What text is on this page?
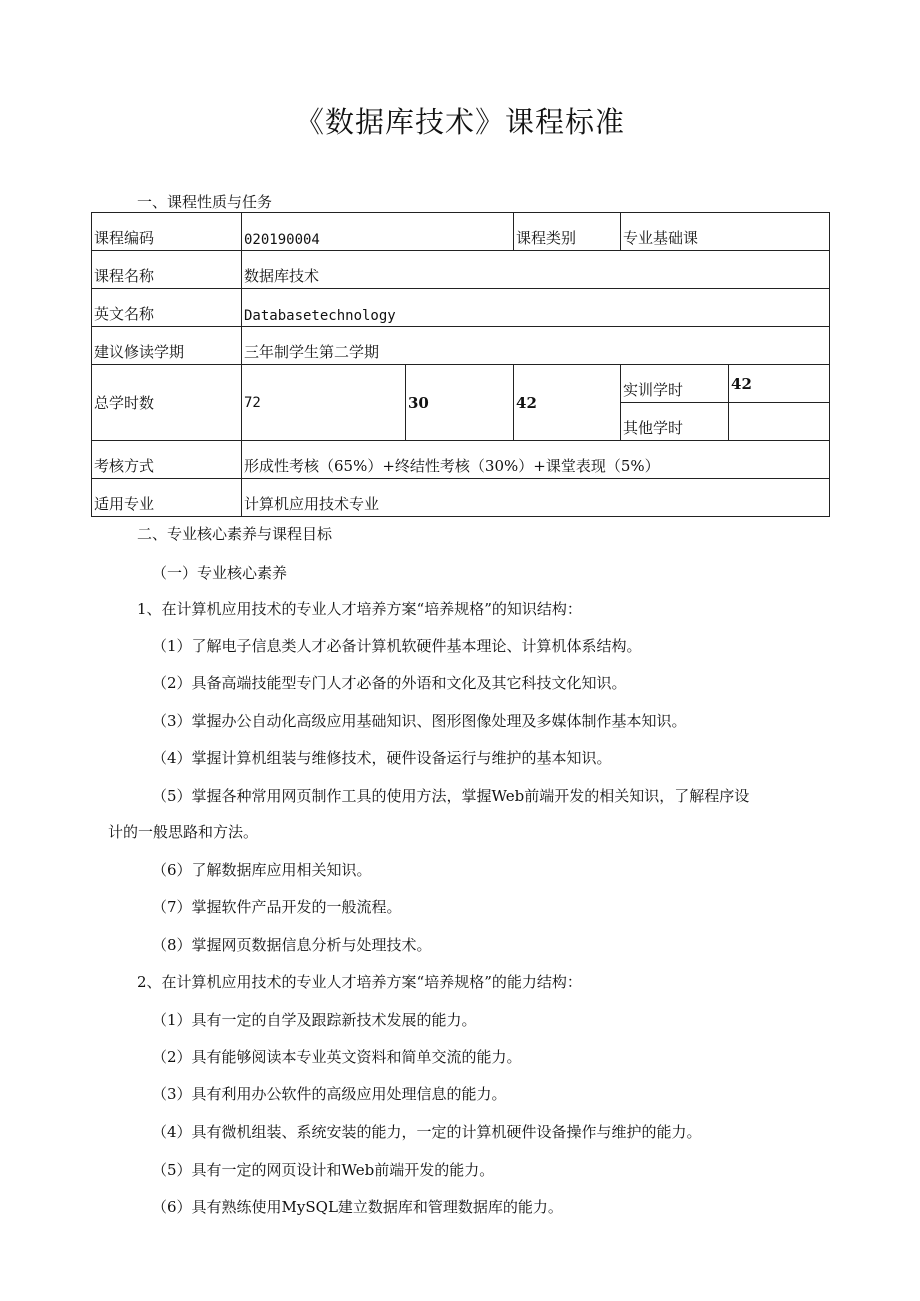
《数据库技术》课程标准
一、课程性质与任务
课程编码	020190004		课程类别	专业基础课	
课程名称	数据库技术				
英文名称	Databasetechnology				
建议修读学期	三年制学生第二学期				
总学时数	72	30	42	实训学时	42
				其他学时	
考核方式	形成性考核（65%）+终结性考核（30%）+课堂表现（5%）				
适用专业	计算机应用技术专业				
二、专业核心素养与课程目标
（一）专业核心素养
1、在计算机应用技术的专业人才培养方案“培养规格”的知识结构：
（1）了解电子信息类人才必备计算机软硬件基本理论、计算机体系结构。
（2）具备高端技能型专门人才必备的外语和文化及其它科技文化知识。
（3）掌握办公自动化高级应用基础知识、图形图像处理及多媒体制作基本知识。
（4）掌握计算机组装与维修技术，硬件设备运行与维护的基本知识。
（5）掌握各种常用网页制作工具的使用方法，掌握Web前端开发的相关知识，了解程序设
计的一般思路和方法。
（6）了解数据库应用相关知识。
（7）掌握软件产品开发的一般流程。
（8）掌握网页数据信息分析与处理技术。
2、在计算机应用技术的专业人才培养方案“培养规格”的能力结构：
（1）具有一定的自学及跟踪新技术发展的能力。
（2）具有能够阅读本专业英文资料和简单交流的能力。
（3）具有利用办公软件的高级应用处理信息的能力。
（4）具有微机组装、系统安装的能力，一定的计算机硬件设备操作与维护的能力。
（5）具有一定的网页设计和Web前端开发的能力。
（6）具有熟练使用MySQL建立数据库和管理数据库的能力。
